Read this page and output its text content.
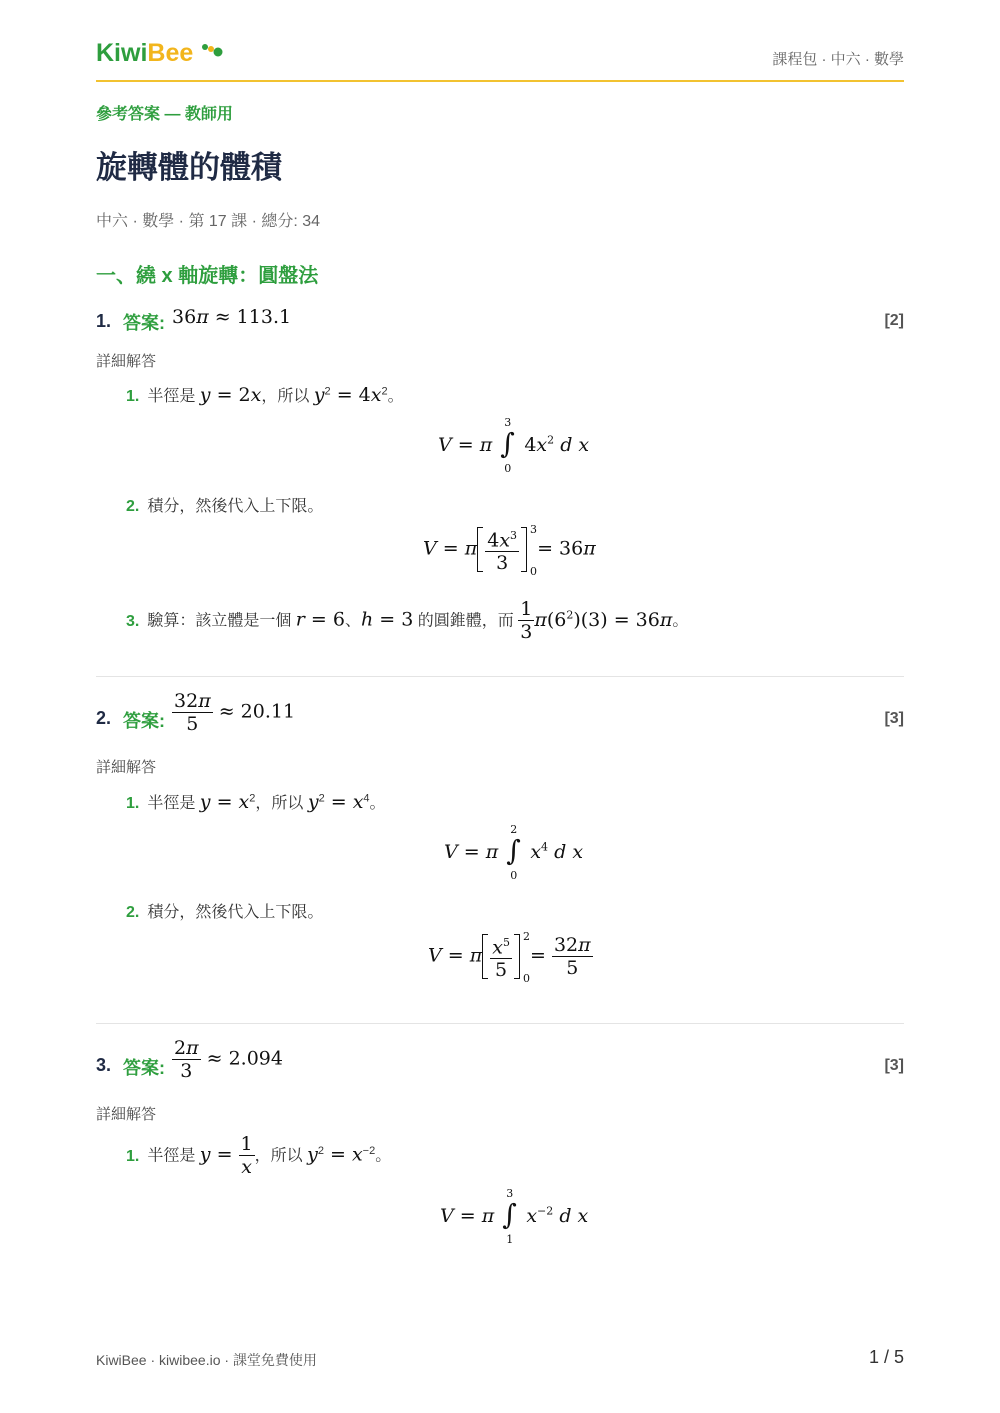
KiwiBee	課程包 · 中六 · 數學
參考答案 — 教師用
旋轉體的體積
中六 · 數學 · 第 17 課 · 總分: 34
一、繞 x 軸旋轉：圓盤法
1. 答案: 36π ≈ 113.1	[2]
詳細解答
1. 半徑是 y = 2x，所以 $y^2 = 4x^2$。
V = π
3
∫
0
$4x^2$ d x
2. 積分，然後代入上下限。
V = π $\frac{4x^3}{3} 3$
0
= 36π
3. 驗算：該立體是一個 r = 6、h = 3 的圓錐體，而 $\frac{1}{3} \pi(6^2)(3) = 36\pi$。
2. 答案: $\frac{32\pi}{5} \approx 20.11$	[3]
詳細解答
1. 半徑是 $y = x^2$，所以 $y^2 = x^4$。
V = π
2
∫
0
$x^4$ d x
2. 積分，然後代入上下限。
V = π $\frac{x^5}{5} 2$
0
= $\frac{32\pi}{5}$
3. 答案: $\frac{2\pi}{3} \approx 2.094$	[3]
詳細解答
1. 半徑是 $y = \frac{1}{x}$ ，所以 $y^2 = x^{-2}$。
V = π
3
∫
1
$x^{-2}$ d x
KiwiBee · kiwibee.io · 課堂免費使用	1 / 5
